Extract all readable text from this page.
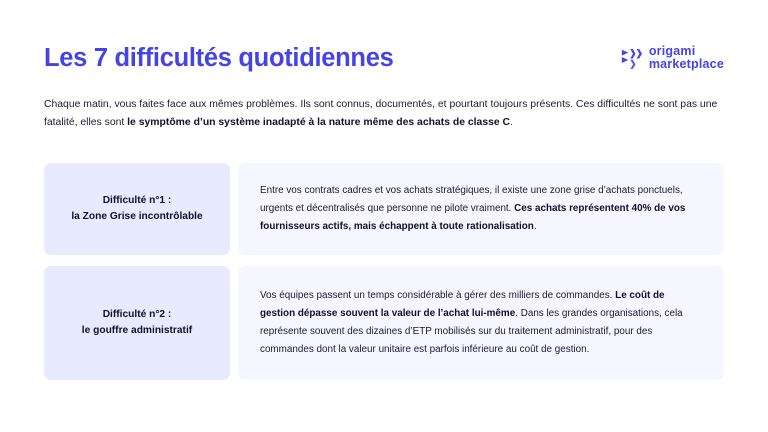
Les 7 difficultés quotidiennes	origami
marketplace

Chaque matin, vous faites face aux mêmes problèmes. Ils sont connus, documentés, et pourtant toujours présents. Ces difficultés ne sont pas une fatalité, elles sont le symptôme d’un système inadapté à la nature même des achats de classe C.

Difficulté n°1 :
la Zone Grise incontrôlable
Entre vos contrats cadres et vos achats stratégiques, il existe une zone grise d’achats ponctuels, urgents et décentralisés que personne ne pilote vraiment. Ces achats représentent 40% de vos fournisseurs actifs, mais échappent à toute rationalisation.
Difficulté n°2 :
le gouffre administratif
Vos équipes passent un temps considérable à gérer des milliers de commandes. Le coût de gestion dépasse souvent la valeur de l’achat lui-même. Dans les grandes organisations, cela représente souvent des dizaines d’ETP mobilisés sur du traitement administratif, pour des commandes dont la valeur unitaire est parfois inférieure au coût de gestion.
